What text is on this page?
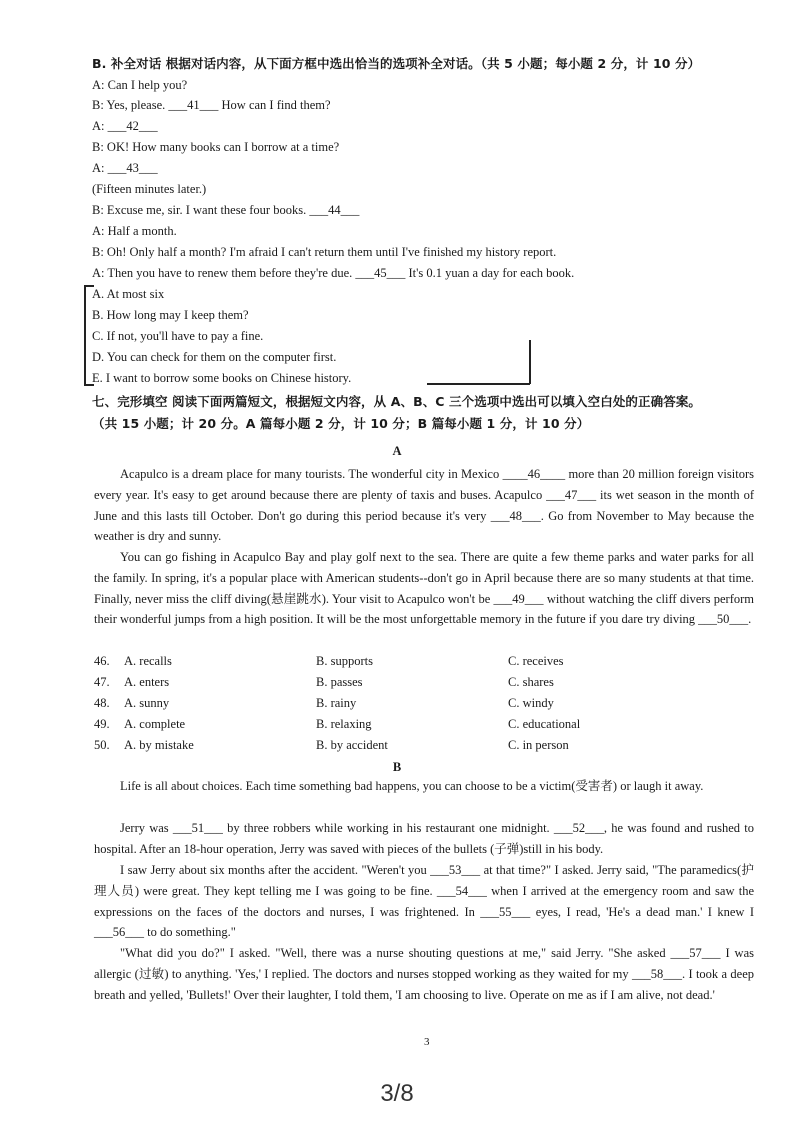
B. 补全对话 根据对话内容，从下面方框中选出恰当的选项补全对话。（共 5 小题；每小题 2 分，计 10 分）
A: Can I help you?
B: Yes, please. ___41___ How can I find them?
A: ___42___
B: OK! How many books can I borrow at a time?
A: ___43___
(Fifteen minutes later.)
B: Excuse me, sir. I want these four books. ___44___
A: Half a month.
B: Oh! Only half a month? I'm afraid I can't return them until I've finished my history report.
A: Then you have to renew them before they're due. ___45___ It's 0.1 yuan a day for each book.
A. At most six
B. How long may I keep them?
C. If not, you'll have to pay a fine.
D. You can check for them on the computer first.
E. I want to borrow some books on Chinese history.
七、完形填空 阅读下面两篇短文，根据短文内容，从 A、B、C 三个选项中选出可以填入空白处的正确答案。
（共 15 小题；计 20 分。A 篇每小题 2 分，计 10 分；B 篇每小题 1 分，计 10 分）
A
Acapulco is a dream place for many tourists. The wonderful city in Mexico ____46____ more than 20 million foreign visitors every year. It's easy to get around because there are plenty of taxis and buses. Acapulco ___47___ its wet season in the month of June and this lasts till October. Don't go during this period because it's very ___48___. Go from November to May because the weather is dry and sunny.
You can go fishing in Acapulco Bay and play golf next to the sea. There are quite a few theme parks and water parks for all the family. In spring, it's a popular place with American students--don't go in April because there are so many students at that time. Finally, never miss the cliff diving(悬崖跳水). Your visit to Acapulco won't be ___49___ without watching the cliff divers perform their wonderful jumps from a high position. It will be the most unforgettable memory in the future if you dare try diving ___50___.
46. A. recalls	B. supports	C. receives
47. A. enters	B. passes	C. shares
48. A. sunny	B. rainy	C. windy
49. A. complete	B. relaxing	C. educational
50. A. by mistake	B. by accident	C. in person
B
Life is all about choices. Each time something bad happens, you can choose to be a victim(受害者) or laugh it away.
Jerry was ___51___ by three robbers while working in his restaurant one midnight. ___52___, he was found and rushed to hospital. After an 18-hour operation, Jerry was saved with pieces of the bullets (子弹)still in his body.
I saw Jerry about six months after the accident. "Weren't you ___53___ at that time?" I asked. Jerry said, "The paramedics(护理人员) were great. They kept telling me I was going to be fine. ___54___ when I arrived at the emergency room and saw the expressions on the faces of the doctors and nurses, I was frightened. In ___55___ eyes, I read, 'He's a dead man.' I knew I ___56___ to do something."
"What did you do?" I asked. "Well, there was a nurse shouting questions at me," said Jerry. "She asked ___57___ I was allergic (过敏) to anything. 'Yes,' I replied. The doctors and nurses stopped working as they waited for my ___58___. I took a deep breath and yelled, 'Bullets!' Over their laughter, I told them, 'I am choosing to live. Operate on me as if I am alive, not dead.'
3
3/8
